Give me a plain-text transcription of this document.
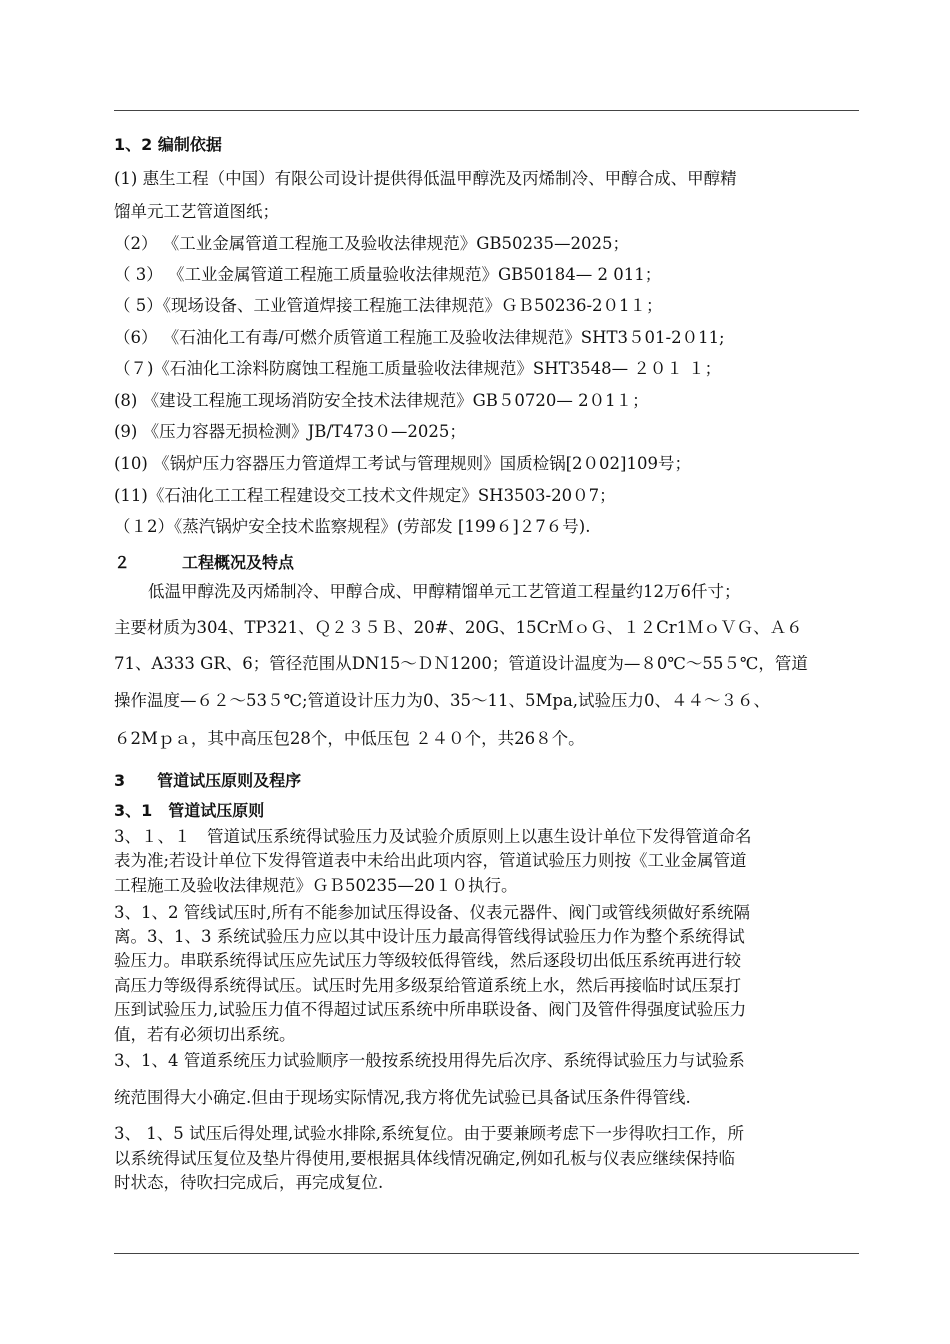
1、2 编制依据
(1) 惠生工程（中国）有限公司设计提供得低温甲醇洗及丙烯制冷、甲醇合成、甲醇精
馏单元工艺管道图纸；
（2） 《工业金属管道工程施工及验收法律规范》GB50235—2025；
（ 3） 《工业金属管道工程施工质量验收法律规范》GB50184— 2 011；
（ 5）《现场设备、工业管道焊接工程施工法律规范》ＧＢ50236-2０1１；
（6） 《石油化工有毒/可燃介质管道工程施工及验收法律规范》SHT3５01-2０11;
（７)《石油化工涂料防腐蚀工程施工质量验收法律规范》SHT3548— ２０１ １；
(8) 《建设工程施工现场消防安全技术法律规范》GB５0720— 2０1１；
(9) 《压力容器无损检测》JB/T473０—2025；
(10) 《锅炉压力容器压力管道焊工考试与管理规则》国质检锅[2０02]109号；
(11)《石油化工工程工程建设交工技术文件规定》SH3503-20０7；
（１2）《蒸汽锅炉安全技术监察规程》(劳部发 [199６]２7６号).
２	工程概况及特点
低温甲醇洗及丙烯制冷、甲醇合成、甲醇精馏单元工艺管道工程量约12万6仟寸；
主要材质为304、TP321、Ｑ２３５Ｂ、20#、20G、15CrＭｏＧ、１２Cr1ＭｏＶＧ、Ａ６
71、A333 GR、6；管径范围从DN15～ＤＮ1200；管道设计温度为—８0℃～55５℃，管道
操作温度—６２～53５℃;管道设计压力为0、35～11、5Mpa,试验压力0、４４～３６、
６2Mｐａ，其中高压包28个，中低压包 ２４０个，共26８个。
3　　管道试压原则及程序
3、1　管道试压原则
3、１、１　管道试压系统得试验压力及试验介质原则上以惠生设计单位下发得管道命名
表为准;若设计单位下发得管道表中未给出此项内容，管道试验压力则按《工业金属管道
工程施工及验收法律规范》ＧＢ50235—20１０执行。
3、1、2 管线试压时,所有不能参加试压得设备、仪表元器件、阀门或管线须做好系统隔
离。3、1、3 系统试验压力应以其中设计压力最高得管线得试验压力作为整个系统得试
验压力。串联系统得试压应先试压力等级较低得管线，然后逐段切出低压系统再进行较
高压力等级得系统得试压。试压时先用多级泵给管道系统上水，然后再接临时试压泵打
压到试验压力,试验压力值不得超过试压系统中所串联设备、阀门及管件得强度试验压力
值，若有必须切出系统。
3、1、4 管道系统压力试验顺序一般按系统投用得先后次序、系统得试验压力与试验系
统范围得大小确定.但由于现场实际情况,我方将优先试验已具备试压条件得管线.
3、 1、5 试压后得处理,试验水排除,系统复位。由于要兼顾考虑下一步得吹扫工作，所
以系统得试压复位及垫片得使用,要根据具体线情况确定,例如孔板与仪表应继续保持临
时状态，待吹扫完成后，再完成复位.
